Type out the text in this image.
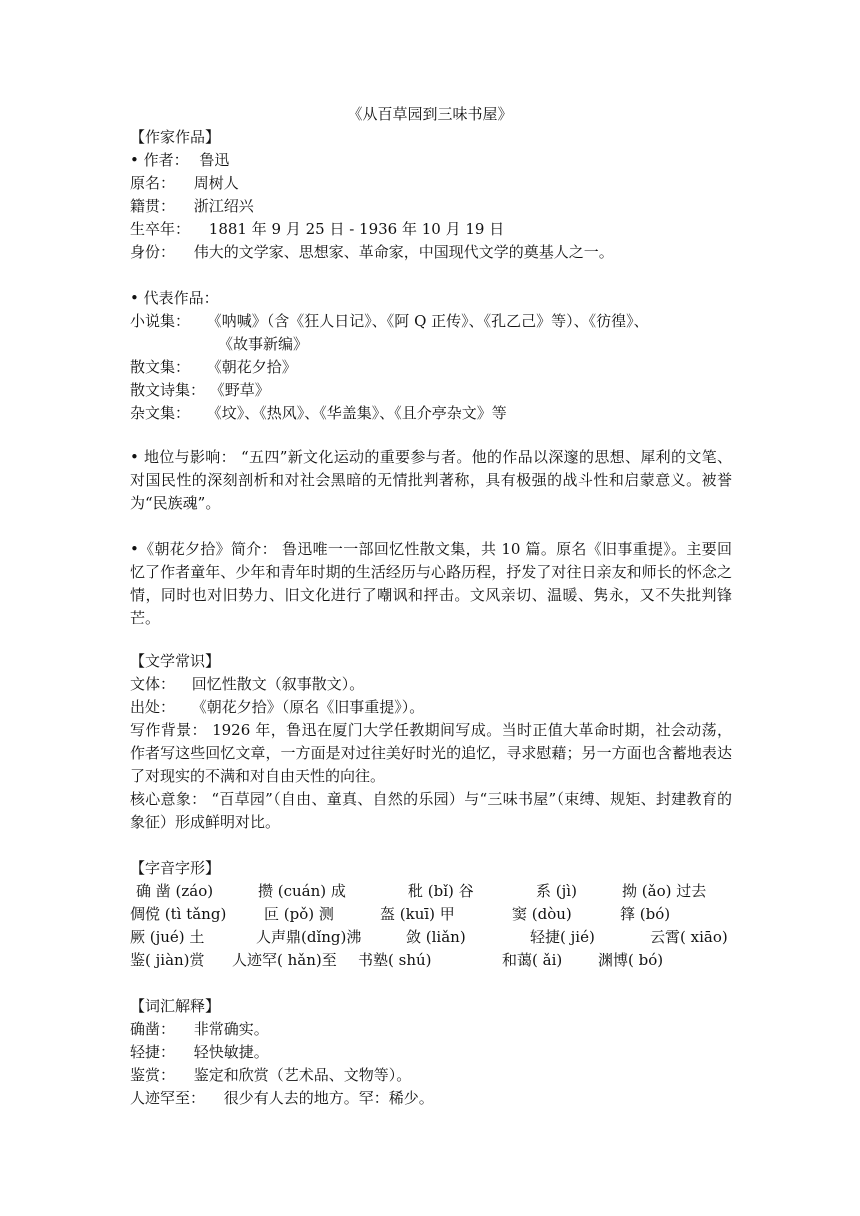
《从百草园到三味书屋》
【作家作品】
• 作者： 鲁迅
原名： 周树人
籍贯： 浙江绍兴
生卒年： 1881 年 9 月 25 日 - 1936 年 10 月 19 日
身份： 伟大的文学家、思想家、革命家，中国现代文学的奠基人之一。
• 代表作品：
小说集： 《呐喊》（含《狂人日记》、《阿 Q 正传》、《孔乙己》等）、《彷徨》、
《故事新编》
散文集： 《朝花夕拾》
散文诗集： 《野草》
杂文集： 《坟》、《热风》、《华盖集》、《且介亭杂文》等
• 地位与影响： “五四”新文化运动的重要参与者。他的作品以深邃的思想、犀利的文笔、对国民性的深刻剖析和对社会黑暗的无情批判著称，具有极强的战斗性和启蒙意义。被誉为“民族魂”。
•《朝花夕拾》简介： 鲁迅唯一一部回忆性散文集，共 10 篇。原名《旧事重提》。主要回忆了作者童年、少年和青年时期的生活经历与心路历程，抒发了对往日亲友和师长的怀念之情，同时也对旧势力、旧文化进行了嘲讽和抨击。文风亲切、温暖、隽永，又不失批判锋芒。
【文学常识】
文体： 回忆性散文（叙事散文）。
出处： 《朝花夕拾》（原名《旧事重提》）。
写作背景： 1926 年，鲁迅在厦门大学任教期间写成。当时正值大革命时期，社会动荡，作者写这些回忆文章，一方面是对过往美好时光的追忆，寻求慰藉；另一方面也含蓄地表达了对现实的不满和对自由天性的向往。
核心意象： “百草园”（自由、童真、自然的乐园）与“三味书屋”（束缚、规矩、封建教育的象征）形成鲜明对比。
【字音字形】
确 凿 (záo)	攒 (cuán) 成	秕 (bǐ) 谷	系 (jì)	拗 (ǎo) 过去
倜傥 (tì tǎng)	叵 (pǒ) 测	盔 (kuī) 甲	窦 (dòu)	箨 (bó)
厥 (jué) 土	人声鼎(dǐng)沸	敛 (liǎn)	轻捷( jié)	云霄( xiāo)
鉴( jiàn)赏 人迹罕( hǎn)至 书塾( shú)	和蔼( ǎi) 渊博( bó)
【词汇解释】
确凿： 非常确实。
轻捷： 轻快敏捷。
鉴赏： 鉴定和欣赏（艺术品、文物等）。
人迹罕至： 很少有人去的地方。罕：稀少。
